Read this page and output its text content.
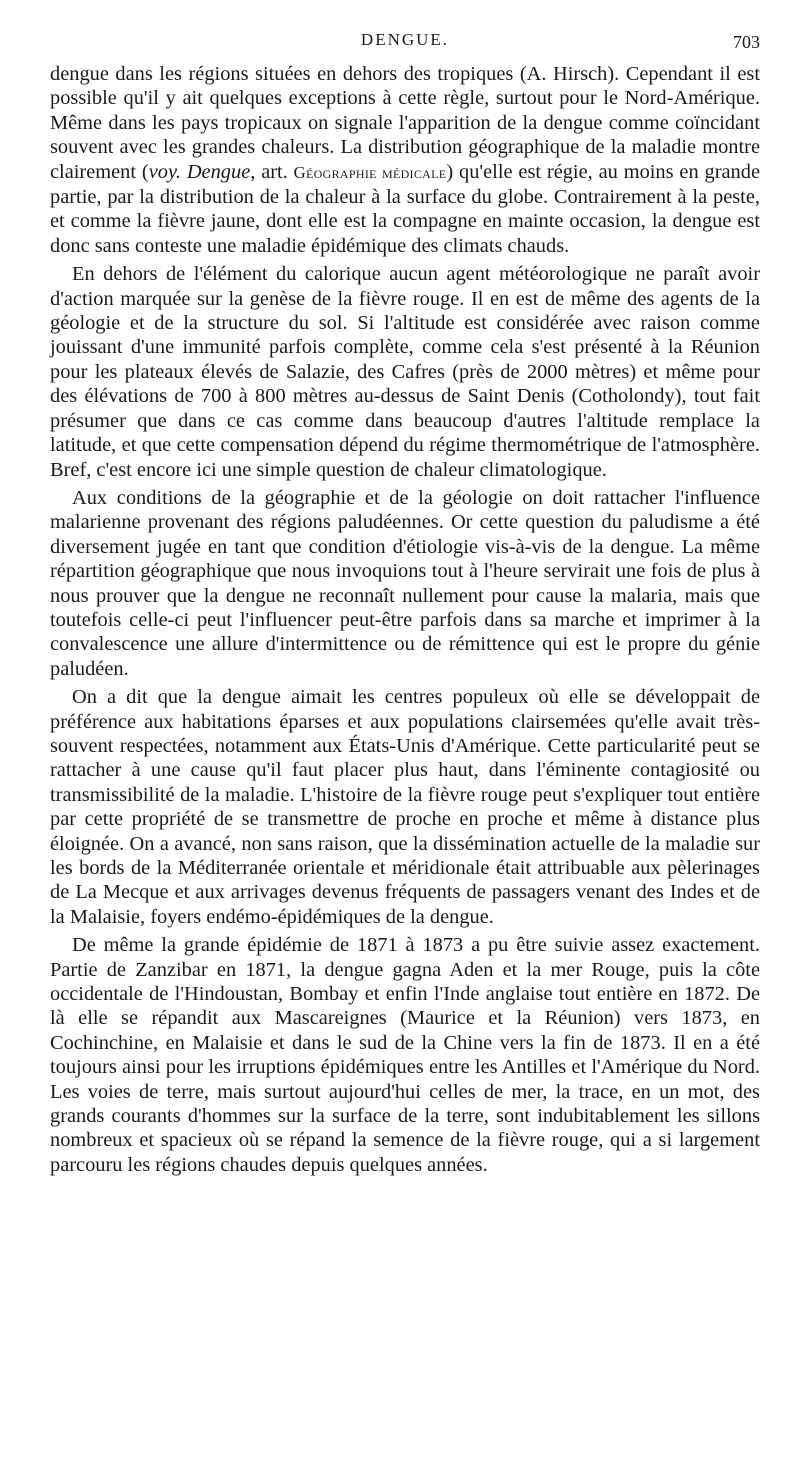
DENGUE.	703

dengue dans les régions situées en dehors des tropiques (A. Hirsch). Cependant il est possible qu'il y ait quelques exceptions à cette règle, surtout pour le Nord-Amérique. Même dans les pays tropicaux on signale l'apparition de la dengue comme coïncidant souvent avec les grandes chaleurs. La distribution géographique de la maladie montre clairement (voy. Dengue, art. Géographie médicale) qu'elle est régie, au moins en grande partie, par la distribution de la chaleur à la surface du globe. Contrairement à la peste, et comme la fièvre jaune, dont elle est la compagne en mainte occasion, la dengue est donc sans conteste une maladie épidémique des climats chauds.

En dehors de l'élément du calorique aucun agent météorologique ne paraît avoir d'action marquée sur la genèse de la fièvre rouge. Il en est de même des agents de la géologie et de la structure du sol. Si l'altitude est considérée avec raison comme jouissant d'une immunité parfois complète, comme cela s'est présenté à la Réunion pour les plateaux élevés de Salazie, des Cafres (près de 2000 mètres) et même pour des élévations de 700 à 800 mètres au-dessus de Saint Denis (Cotholondy), tout fait présumer que dans ce cas comme dans beaucoup d'autres l'altitude remplace la latitude, et que cette compensation dépend du régime thermométrique de l'atmosphère. Bref, c'est encore ici une simple question de chaleur climatologique.

Aux conditions de la géographie et de la géologie on doit rattacher l'influence malarienne provenant des régions paludéennes. Or cette question du paludisme a été diversement jugée en tant que condition d'étiologie vis-à-vis de la dengue. La même répartition géographique que nous invoquions tout à l'heure servirait une fois de plus à nous prouver que la dengue ne reconnaît nullement pour cause la malaria, mais que toutefois celle-ci peut l'influencer peut-être parfois dans sa marche et imprimer à la convalescence une allure d'intermittence ou de rémittence qui est le propre du génie paludéen.

On a dit que la dengue aimait les centres populeux où elle se développait de préférence aux habitations éparses et aux populations clairsemées qu'elle avait très-souvent respectées, notamment aux États-Unis d'Amérique. Cette particularité peut se rattacher à une cause qu'il faut placer plus haut, dans l'éminente contagiosité ou transmissibilité de la maladie. L'histoire de la fièvre rouge peut s'expliquer tout entière par cette propriété de se transmettre de proche en proche et même à distance plus éloignée. On a avancé, non sans raison, que la dissémination actuelle de la maladie sur les bords de la Méditerranée orientale et méridionale était attribuable aux pèlerinages de La Mecque et aux arrivages devenus fréquents de passagers venant des Indes et de la Malaisie, foyers endémo-épidémiques de la dengue.

De même la grande épidémie de 1871 à 1873 a pu être suivie assez exactement. Partie de Zanzibar en 1871, la dengue gagna Aden et la mer Rouge, puis la côte occidentale de l'Hindoustan, Bombay et enfin l'Inde anglaise tout entière en 1872. De là elle se répandit aux Mascareignes (Maurice et la Réunion) vers 1873, en Cochinchine, en Malaisie et dans le sud de la Chine vers la fin de 1873. Il en a été toujours ainsi pour les irruptions épidémiques entre les Antilles et l'Amérique du Nord. Les voies de terre, mais surtout aujourd'hui celles de mer, la trace, en un mot, des grands courants d'hommes sur la surface de la terre, sont indubitablement les sillons nombreux et spacieux où se répand la semence de la fièvre rouge, qui a si largement parcouru les régions chaudes depuis quelques années.
